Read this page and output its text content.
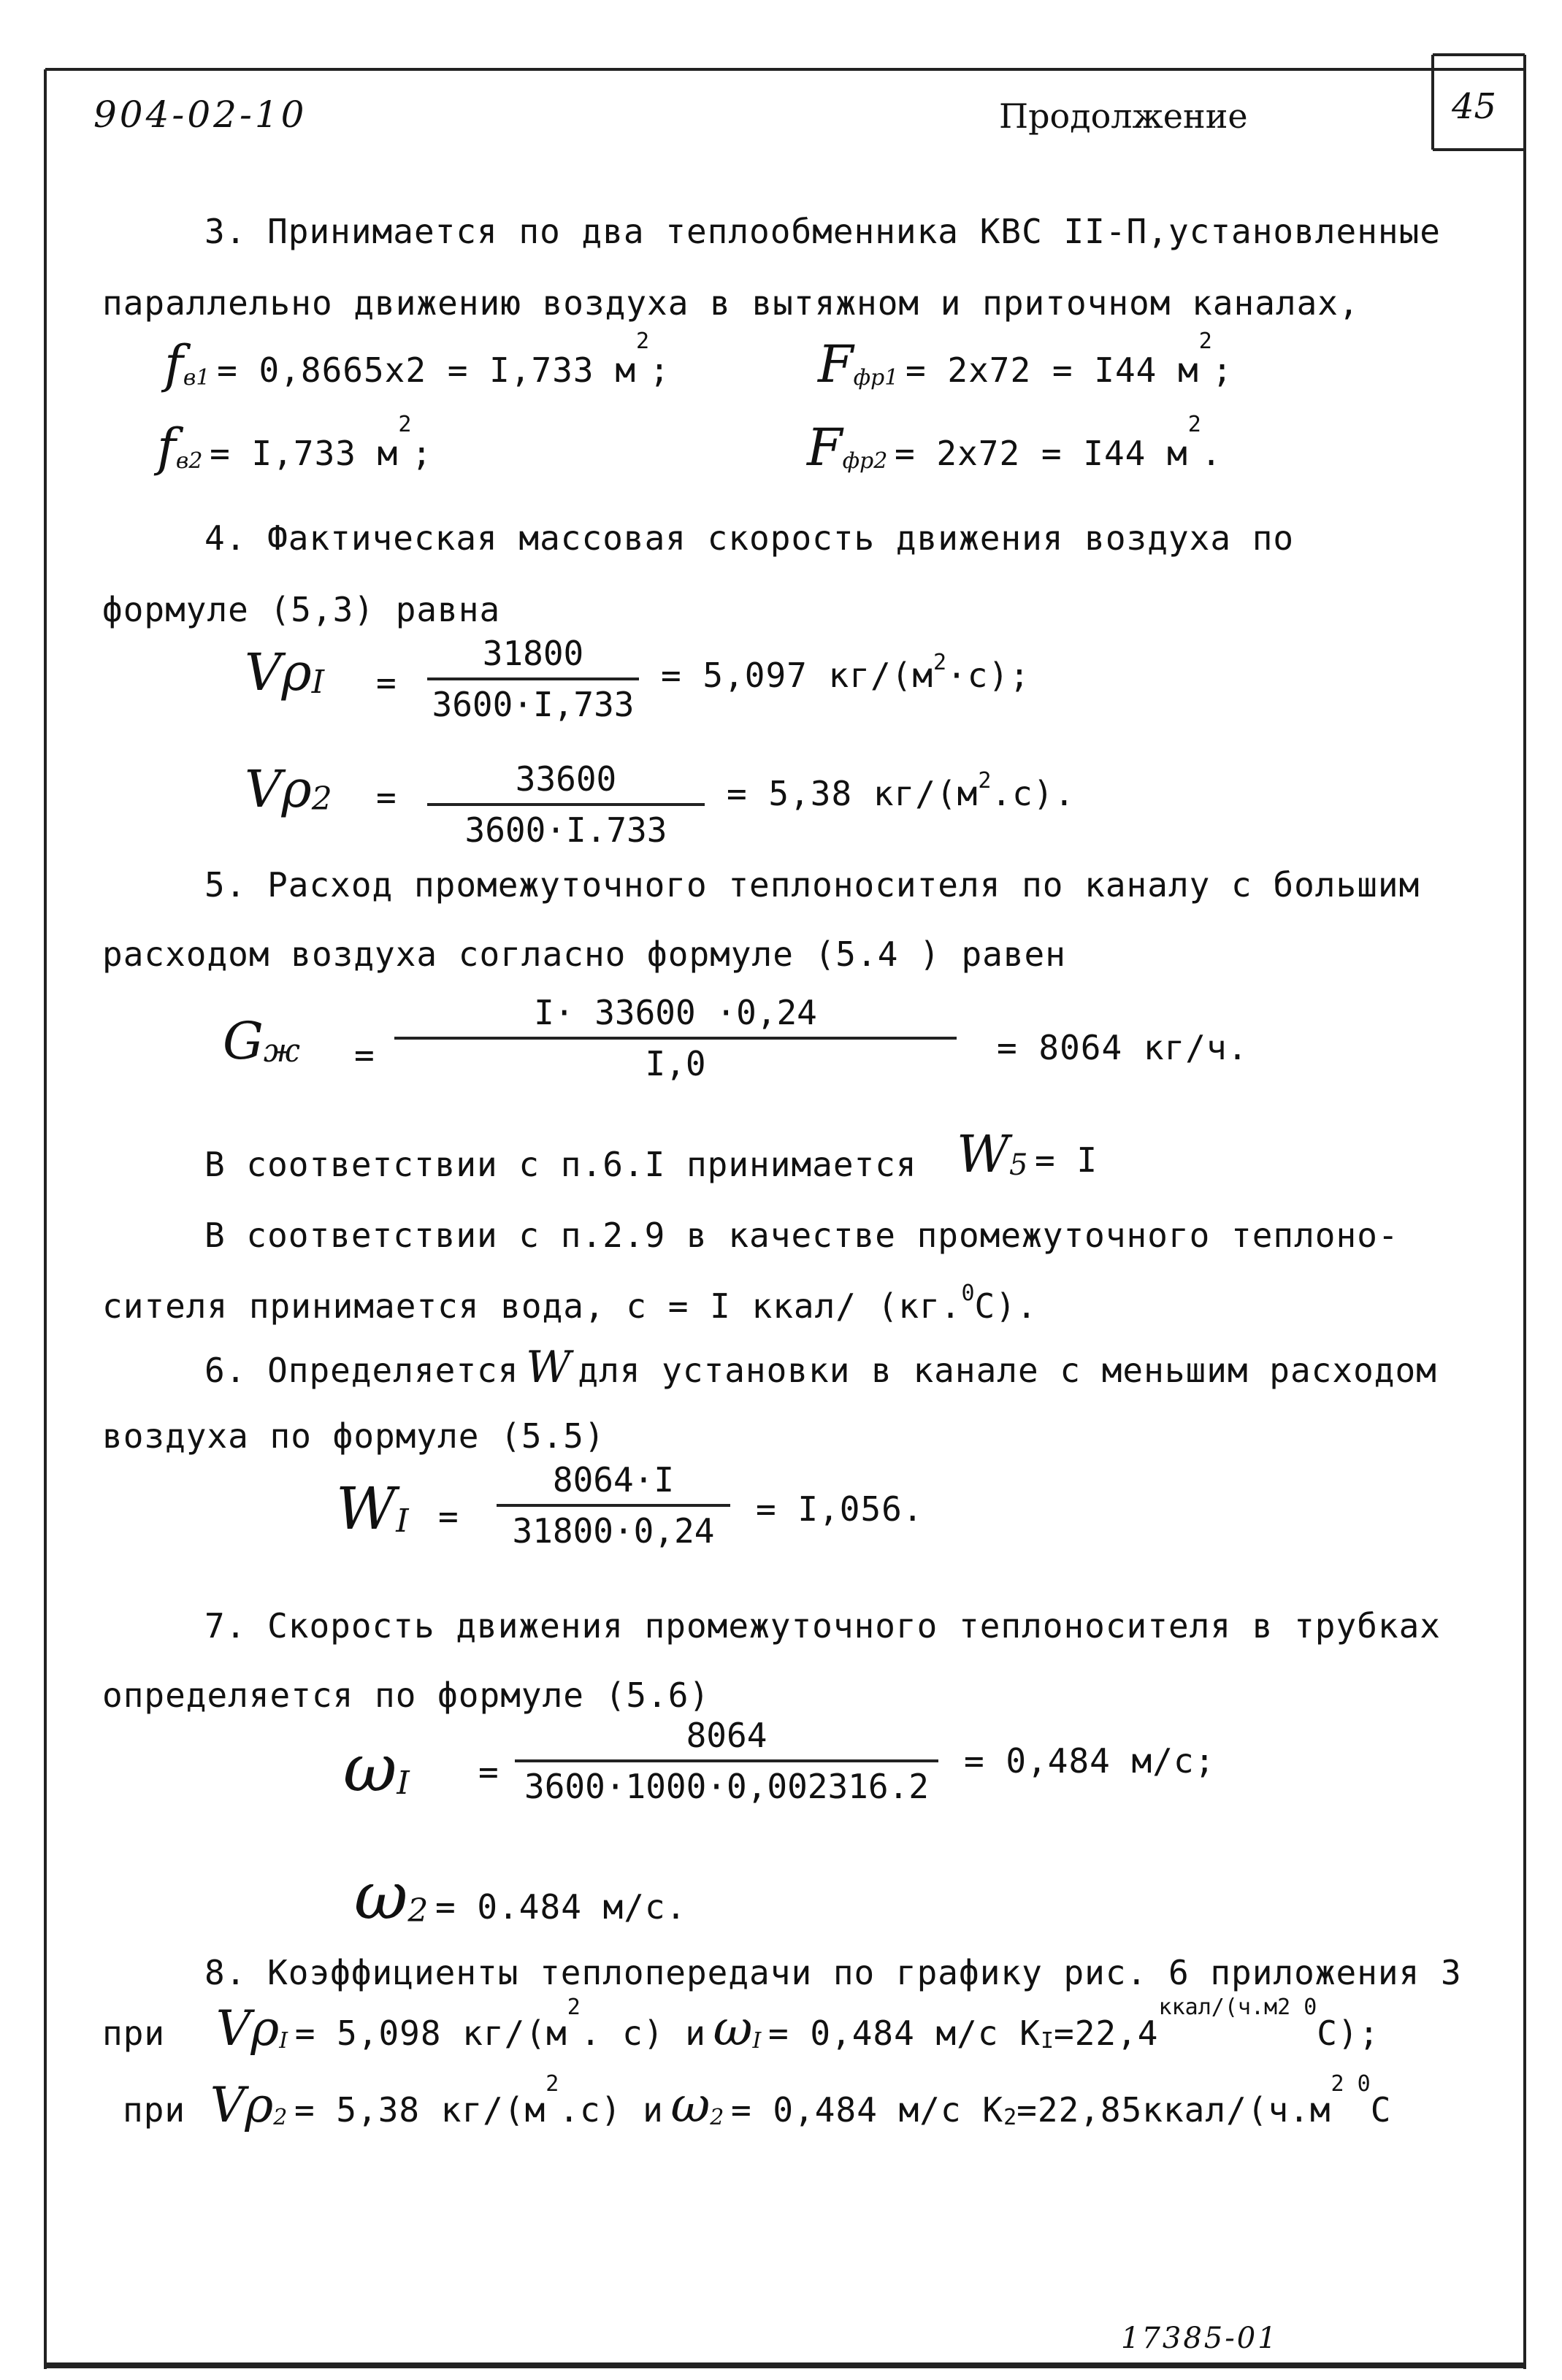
904-02-10	Продолжение	45
3. Принимается по два теплообменника КВС II-П,установленные
параллельно движению воздуха в вытяжном и приточном каналах,
$f_{в1} = 0,8665x2 = I,733$ $м^2$;	$F_{фр1} = 2x72 = I44$ $м^2$;
$f_{в2} = I,733$ $м^2$;	$F_{фр2} = 2x72 = I44$ $м^2$.
4. Фактическая массовая скорость движения воздуха по
формуле (5,3) равна
$V\rho_I$ =
31800
3600·I,733
= 5,097 $кг/(м^2\cdot с)$;
$V\rho_2$ =	33600
3600·I.733
= 5,38 $кг/(м^2.с)$.
5. Расход промежуточного теплоносителя по каналу с большим
расходом воздуха согласно формуле (5.4 ) равен
$G_ж$ =
I· 33600 ·0,24
I,0	= 8064 кг/ч.
В соответствии с п.6.I принимается $W_5 = I$
В соответствии с п.2.9 в качестве промежуточного теплоно-
сителя принимается вода, с = I ккал/ (кг.$^0$С).
6. Определяется W для установки в канале с меньшим расходом
воздуха по формуле (5.5)
$W_I$ =
8064·I
31800·0,24
= I,056.
7. Скорость движения промежуточного теплоносителя в трубках
определяется по формуле (5.6)
$\omega_I$ =
8064
3600·1000·0,002316.2
= 0,484 м/с;
$\omega_2 = 0.484$ м/с.
8. Коэффициенты теплопередачи по графику рис. 6 приложения 3
при $V\rho_I = 5,098$ $кг/(м^2$. с) и $\omega_I = 0,484$ м/с $К_I=22,4^{ккал/(ч.м2 0}С$);
при $V\rho_2 = 5,38$ $кг/(м^2.с)$ и $\omega_2 = 0,484$ м/с $К_2=22,85ккал/(ч.м^{2 0}С$
17385-01
